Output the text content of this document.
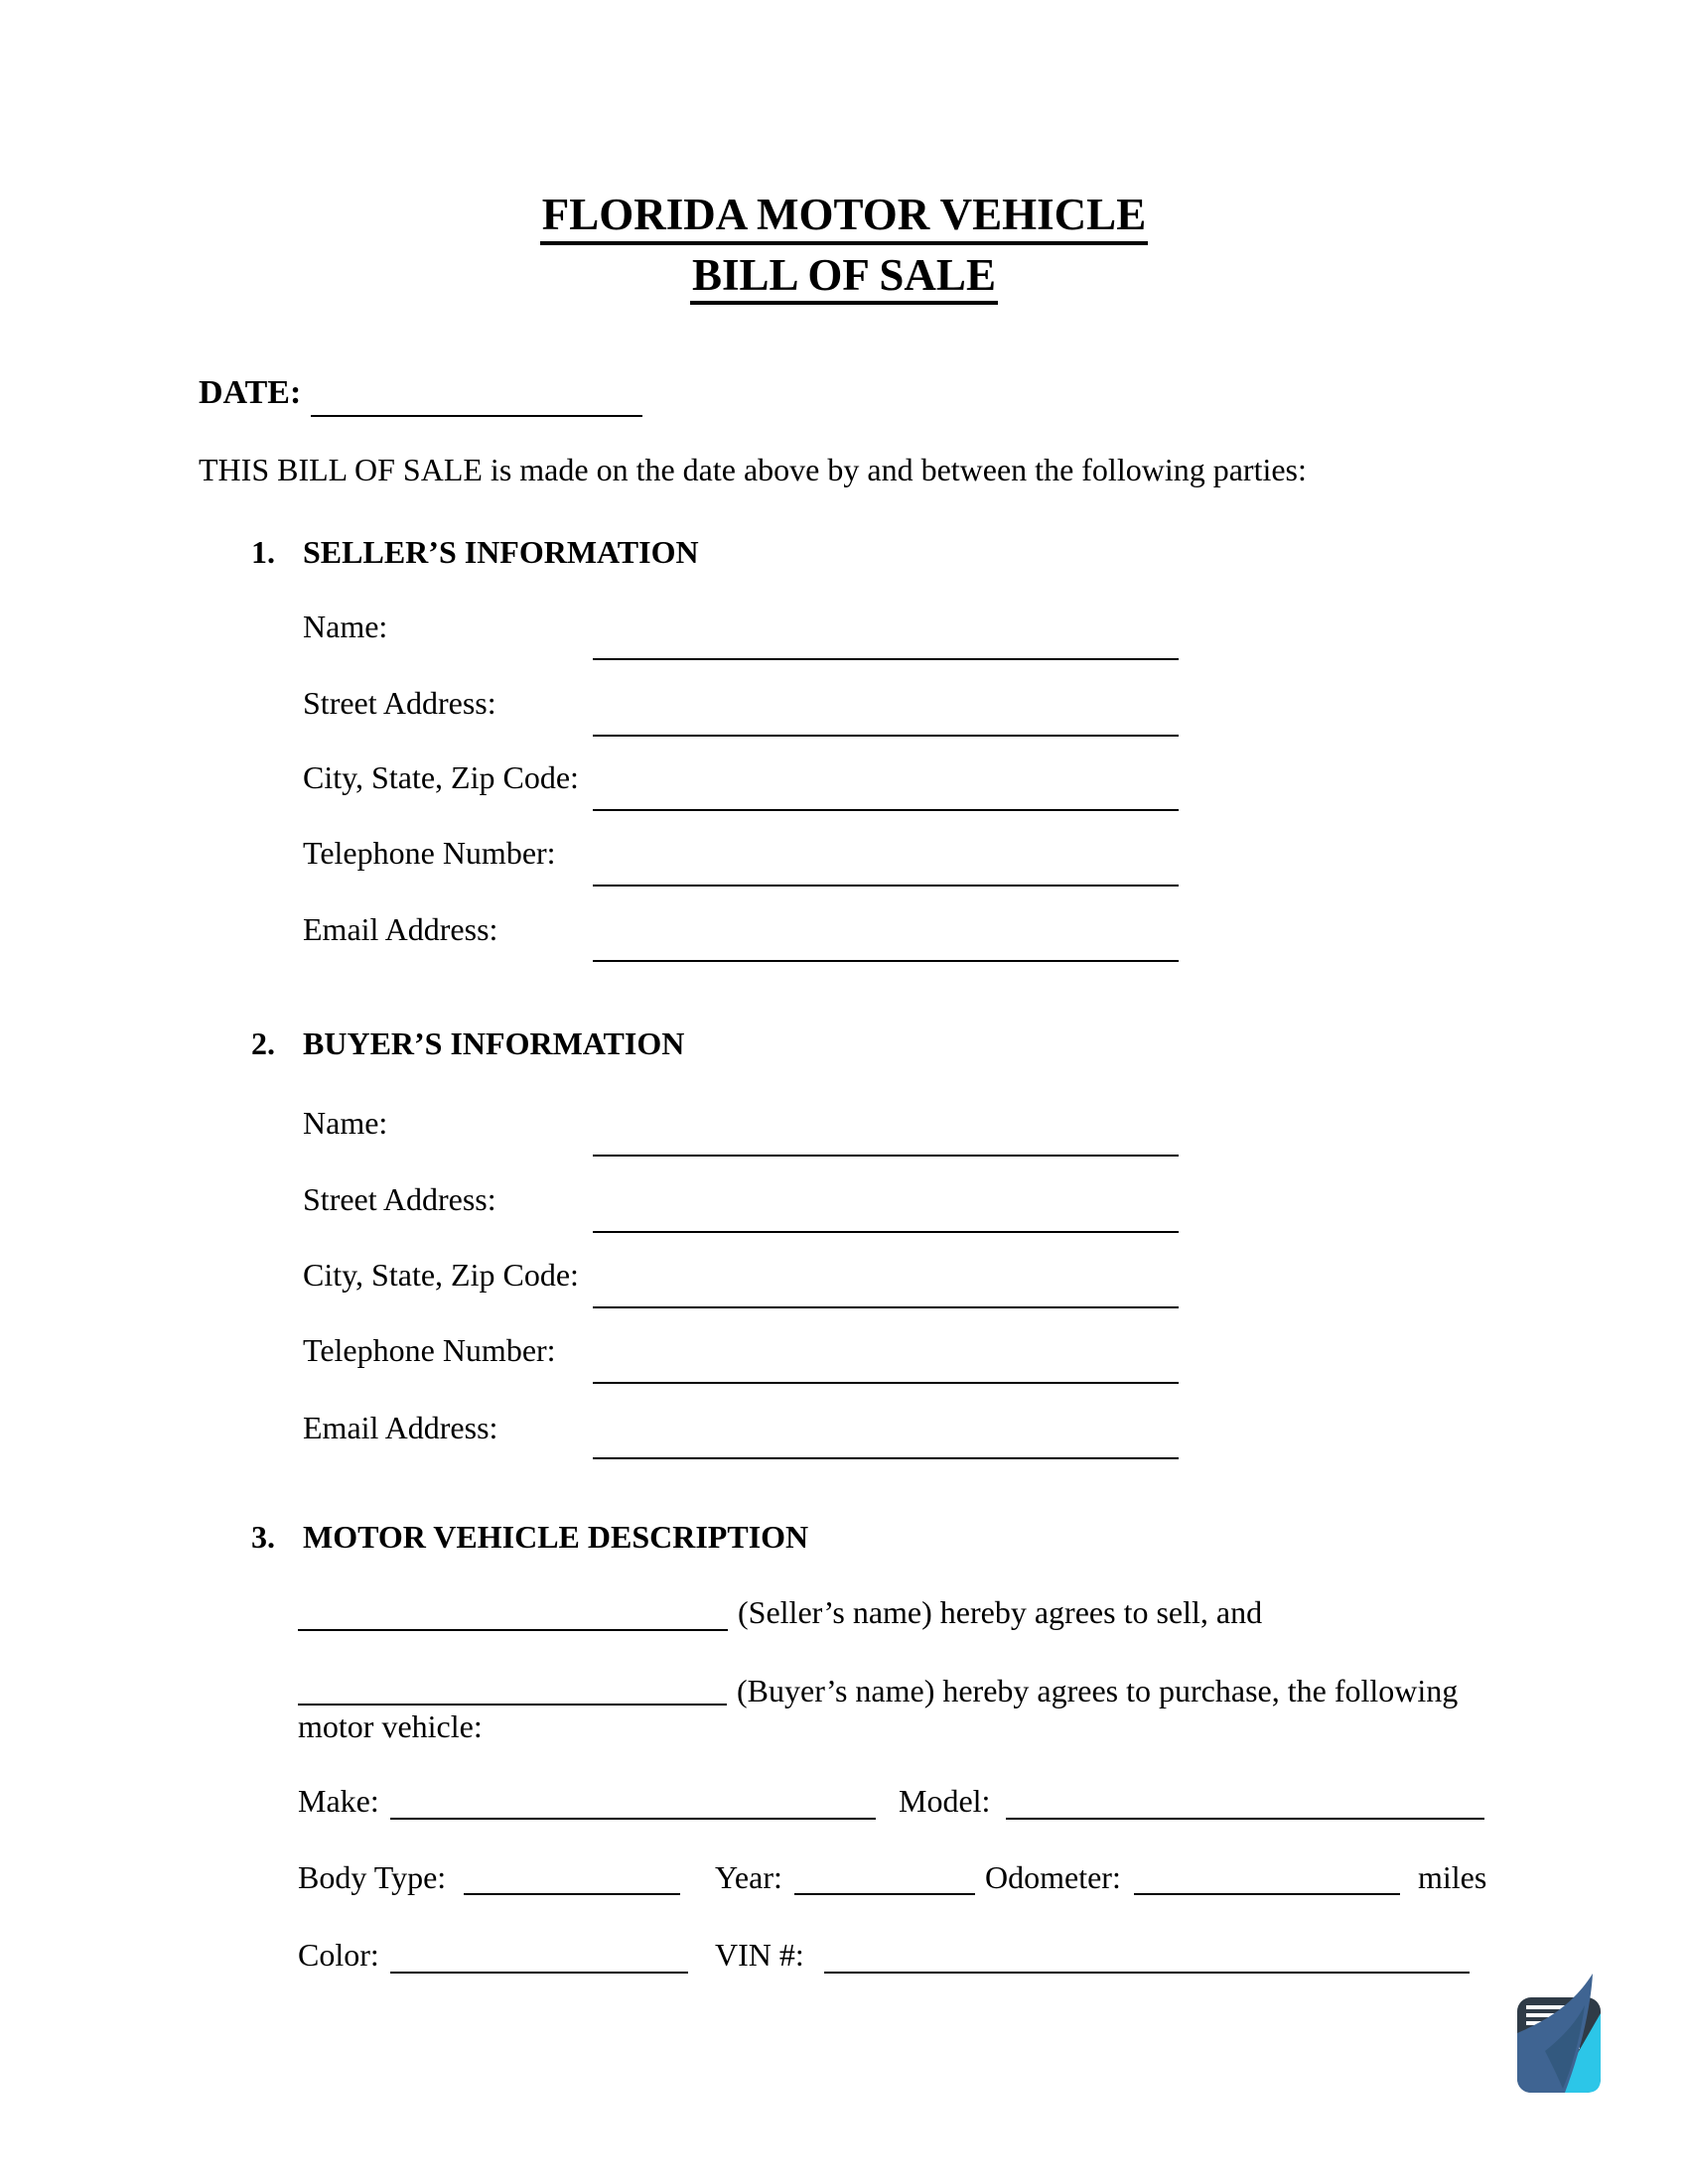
FLORIDA MOTOR VEHICLE
BILL OF SALE
DATE:
THIS BILL OF SALE is made on the date above by and between the following parties:
1. SELLER’S INFORMATION
Name:
Street Address:
City, State, Zip Code:
Telephone Number:
Email Address:
2. BUYER’S INFORMATION
Name:
Street Address:
City, State, Zip Code:
Telephone Number:
Email Address:
3. MOTOR VEHICLE DESCRIPTION
(Seller’s name) hereby agrees to sell, and
(Buyer’s name) hereby agrees to purchase, the following
motor vehicle:
Make:	Model:
Body Type:	Year:	Odometer:	miles
Color:	VIN #:
